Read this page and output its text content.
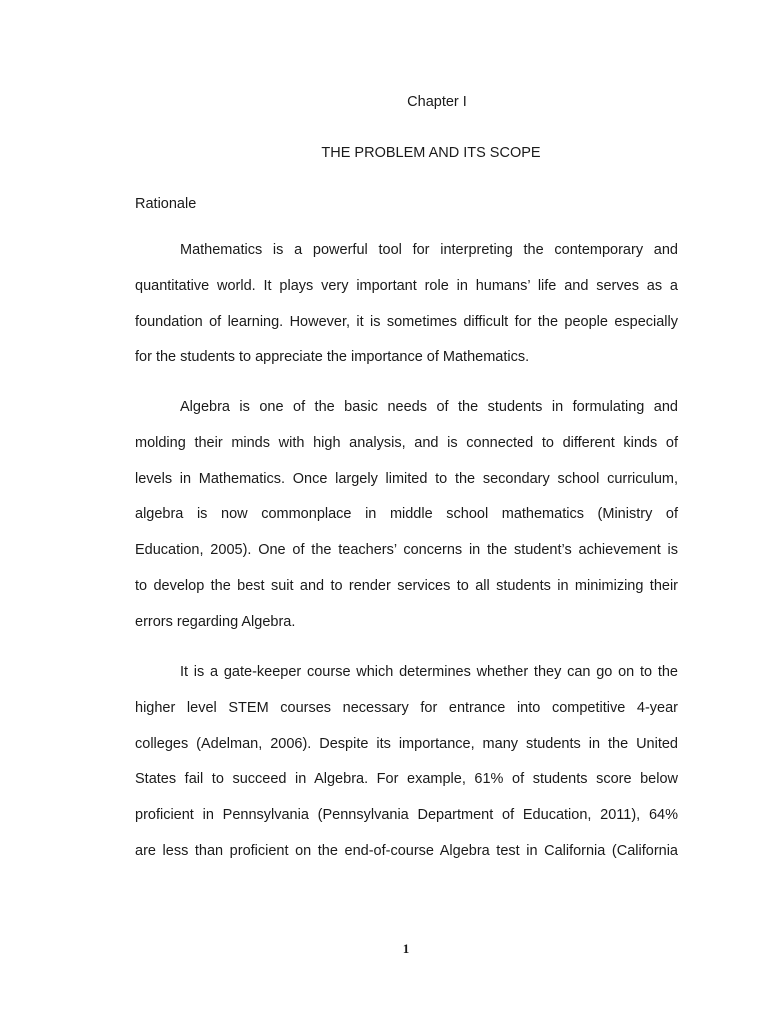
Chapter I
THE PROBLEM AND ITS SCOPE
Rationale
Mathematics is a powerful tool for interpreting the contemporary and
quantitative world. It plays very important role in humans’ life and serves as a
foundation of learning. However, it is sometimes difficult for the people especially
for the students to appreciate the importance of Mathematics.
Algebra is one of the basic needs of the students in formulating and
molding their minds with high analysis, and is connected to different kinds of
levels in Mathematics. Once largely limited to the secondary school curriculum,
algebra is now commonplace in middle school mathematics (Ministry of
Education, 2005). One of the teachers’ concerns in the student’s achievement is
to develop the best suit and to render services to all students in minimizing their
errors regarding Algebra.
It is a gate-keeper course which determines whether they can go on to the
higher level STEM courses necessary for entrance into competitive 4-year
colleges (Adelman, 2006). Despite its importance, many students in the United
States fail to succeed in Algebra. For example, 61% of students score below
proficient in Pennsylvania (Pennsylvania Department of Education, 2011), 64%
are less than proficient on the end-of-course Algebra test in California (California
1
